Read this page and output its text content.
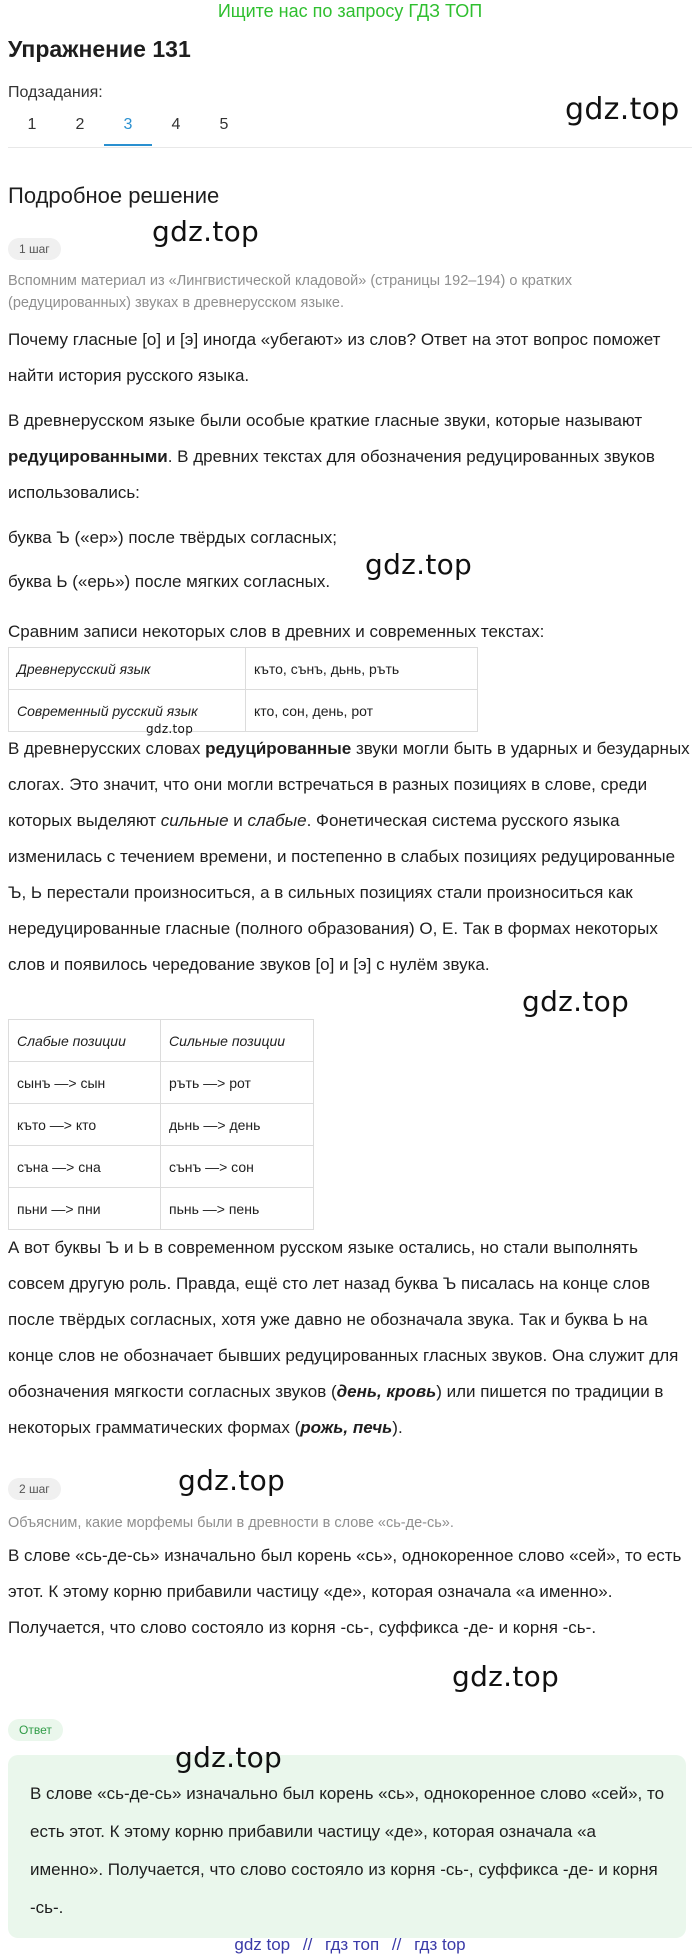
Ищите нас по запросу ГДЗ ТОП
Упражнение 131
gdz.top
Подзадания:
1	2	3	4	5
Подробное решение
1 шаг
gdz.top
Вспомним материал из «Лингвистической кладовой» (страницы 192–194) о кратких (редуцированных) звуках в древнерусском языке.
Почему гласные [о] и [э] иногда «убегают» из слов? Ответ на этот вопрос поможет найти история русского языка.
В древнерусском языке были особые краткие гласные звуки, которые называют редуцированными. В древних текстах для обозначения редуцированных звуков использовались:
буква Ъ («ер») после твёрдых согласных;
буква Ь («ерь») после мягких согласных.
gdz.top
Сравним записи некоторых слов в древних и современных текстах:
Древнерусский язык	къто, сънъ, дьнь, ръть
Современный русский язык	кто, сон, день, рот
gdz.top
В древнерусских словах редуци́рованные звуки могли быть в ударных и безударных слогах. Это значит, что они могли встречаться в разных позициях в слове, среди которых выделяют сильные и слабые. Фонетическая система русского языка изменилась с течением времени, и постепенно в слабых позициях редуцированные Ъ, Ь перестали произноситься, а в сильных позициях стали произноситься как нередуцированные гласные (полного образования) О, Е. Так в формах некоторых слов и появилось чередование звуков [о] и [э] с нулём звука.
gdz.top
Слабые позиции	Сильные позиции
сынъ —> сын	ръть —> рот
къто —> кто	дьнь —> день
съна —> сна	сънъ —> сон
пьни —> пни	пьнь —> пень
А вот буквы Ъ и Ь в современном русском языке остались, но стали выполнять совсем другую роль. Правда, ещё сто лет назад буква Ъ писалась на конце слов после твёрдых согласных, хотя уже давно не обозначала звука. Так и буква Ь на конце слов не обозначает бывших редуцированных гласных звуков. Она служит для обозначения мягкости согласных звуков (день, кровь) или пишется по традиции в некоторых грамматических формах (рожь, печь).
2 шаг	gdz.top
Объясним, какие морфемы были в древности в слове «сь-де-сь».
В слове «сь-де-сь» изначально был корень «сь», однокоренное слово «сей», то есть этот. К этому корню прибавили частицу «де», которая означала «а именно». Получается, что слово состояло из корня -сь-, суффикса -де- и корня -сь-.
gdz.top
Ответ
gdz.top
В слове «сь-де-сь» изначально был корень «сь», однокоренное слово «сей», то есть этот. К этому корню прибавили частицу «де», которая означала «а именно». Получается, что слово состояло из корня -сь-, суффикса -де- и корня -сь-.
gdz top // гдз топ // гдз top
